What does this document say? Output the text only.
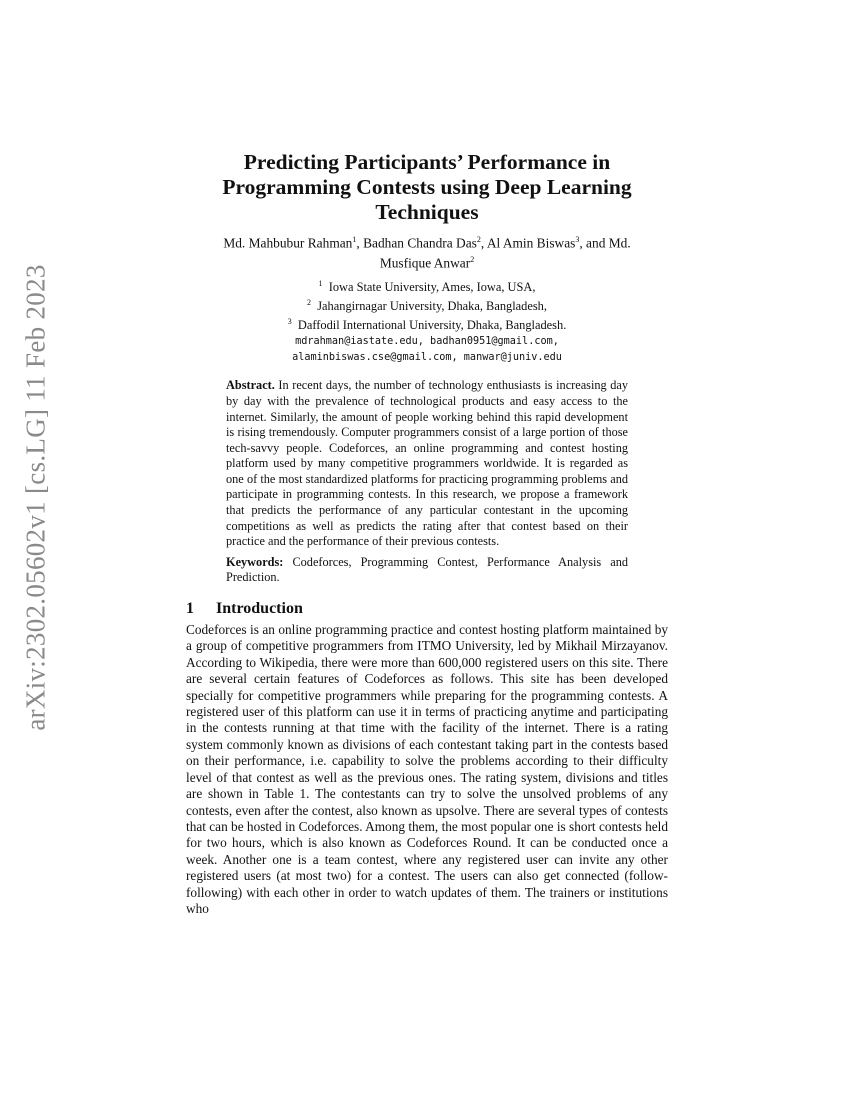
arXiv:2302.05602v1 [cs.LG] 11 Feb 2023
Predicting Participants’ Performance in
Programming Contests using Deep Learning
Techniques
Md. Mahbubur Rahman$^1$, Badhan Chandra Das$^2$, Al Amin Biswas$^3$, and Md.
Musfique Anwar$^2$
$^1$ Iowa State University, Ames, Iowa, USA,
$^2$ Jahangirnagar University, Dhaka, Bangladesh,
$^3$ Daffodil International University, Dhaka, Bangladesh.
mdrahman@iastate.edu, badhan0951@gmail.com,
alaminbiswas.cse@gmail.com, manwar@juniv.edu

Abstract. In recent days, the number of technology enthusiasts is increasing day by day with the prevalence of technological products and easy access to the internet. Similarly, the amount of people working behind this rapid development is rising tremendously. Computer programmers consist of a large portion of those tech-savvy people. Codeforces, an online programming and contest hosting platform used by many competitive programmers worldwide. It is regarded as one of the most standardized platforms for practicing programming problems and participate in programming contests. In this research, we propose a framework that predicts the performance of any particular contestant in the upcoming competitions as well as predicts the rating after that contest based on their practice and the performance of their previous contests.

Keywords: Codeforces, Programming Contest, Performance Analysis and Prediction.

1 Introduction

Codeforces is an online programming practice and contest hosting platform maintained by a group of competitive programmers from ITMO University, led by Mikhail Mirzayanov. According to Wikipedia, there were more than 600,000 registered users on this site. There are several certain features of Codeforces as follows. This site has been developed specially for competitive programmers while preparing for the programming contests. A registered user of this platform can use it in terms of practicing anytime and participating in the contests running at that time with the facility of the internet. There is a rating system commonly known as divisions of each contestant taking part in the contests based on their performance, i.e. capability to solve the problems according to their difficulty level of that contest as well as the previous ones. The rating system, divisions and titles are shown in Table 1. The contestants can try to solve the unsolved problems of any contests, even after the contest, also known as upsolve. There are several types of contests that can be hosted in Codeforces. Among them, the most popular one is short contests held for two hours, which is also known as Codeforces Round. It can be conducted once a week. Another one is a team contest, where any registered user can invite any other registered users (at most two) for a contest. The users can also get connected (follow- following) with each other in order to watch updates of them. The trainers or institutions who
